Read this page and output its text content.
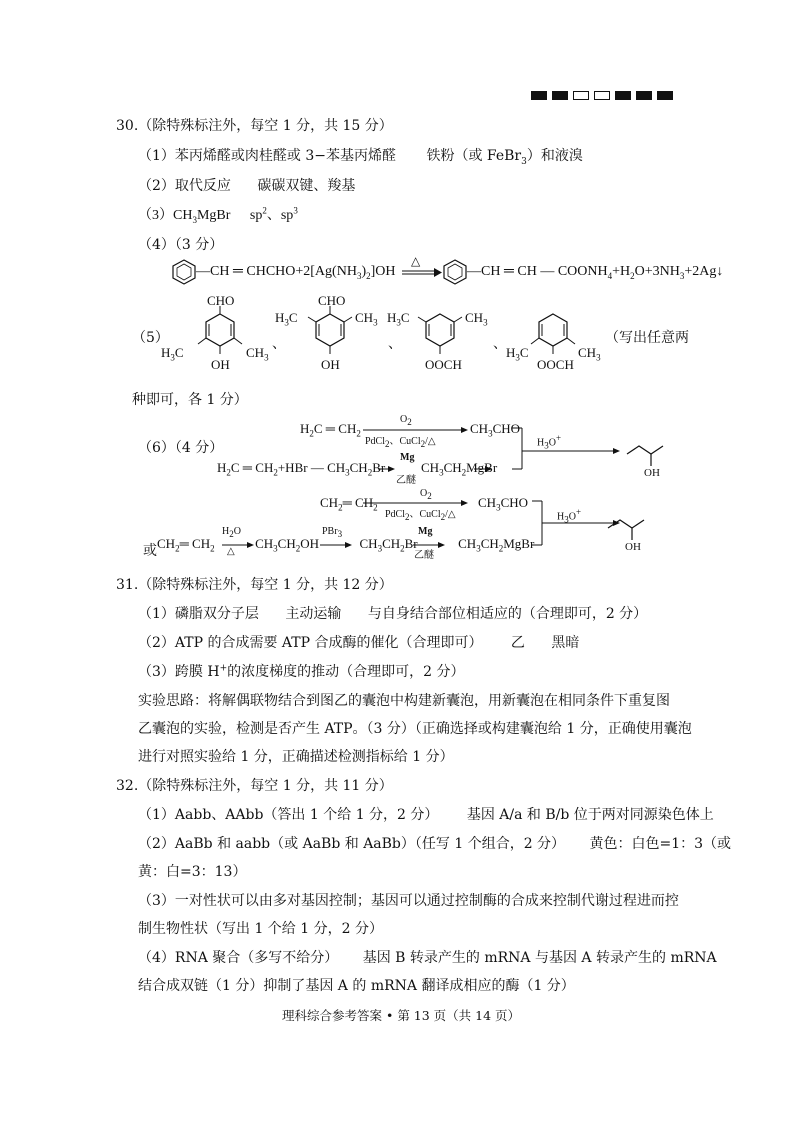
30.（除特殊标注外，每空 1 分，共 15 分）
（1）苯丙烯醛或肉桂醛或 3−苯基丙烯醛 铁粉（或 FeBr$_3$）和液溴
（2）取代反应 碳碳双键、羧基
$(3)CH_3MgBr$ $sp^2$、$sp^3$
（4）（3 分）
—CH ═ $CHCHO+2[Ag(NH_3)_2]OH$
△
—CH ═ CH — $COONH_4+H_2O+3NH_3+2Ag↓$
（5）
CHO
$H_3C$	$CH_3$
OH
、
CHO
$H_3C$	$CH_3$
OH
、
$H_3C$	$CH_3$
OOCH
、
$H_3C$	$CH_3$
OOCH
（写出任意两
种即可，各 1 分）
（6）（4 分）
$H_2C$ ═ $CH_2$
$O_2$
PdCl$_2$、CuCl$_2$/△
$CH_3CHO$
$H_3O^+$
$H_2C$ ═ $CH_2+HBr$ — $CH_3CH_2Br$
Mg
乙醚
$CH_3CH_2MgBr$	OH
$CH_2═$ $CH_2$
$O_2$
PdCl$_2$、CuCl$_2$/△
$CH_3CHO$
$H_3O^+$
或 $CH_2═$ $CH_2$	$CH_3CH_2OH$	$CH_3CH_2Br$	$CH_3CH_2MgBr$
$H_2O$
△
PBr$_3$	Mg
乙醚
OH
31.（除特殊标注外，每空 1 分，共 12 分）
（1）磷脂双分子层 主动运输 与自身结合部位相适应的（合理即可，2 分）
（2）ATP 的合成需要 ATP 合成酶的催化（合理即可） 乙 黑暗
（3）跨膜 H+的浓度梯度的推动（合理即可，2 分）
实验思路：将解偶联物结合到图乙的囊泡中构建新囊泡，用新囊泡在相同条件下重复图
乙囊泡的实验，检测是否产生 ATP。（3 分）（正确选择或构建囊泡给 1 分，正确使用囊泡
进行对照实验给 1 分，正确描述检测指标给 1 分）
32.（除特殊标注外，每空 1 分，共 11 分）
（1）Aabb、AAbb（答出 1 个给 1 分，2 分） 基因 A/a 和 B/b 位于两对同源染色体上
（2）AaBb 和 aabb（或 AaBb 和 AaBb）（任写 1 个组合，2 分） 黄色：白色=1：3（或
黄：白=3：13）
（3）一对性状可以由多对基因控制；基因可以通过控制酶的合成来控制代谢过程进而控
制生物性状（写出 1 个给 1 分，2 分）
（4）RNA 聚合（多写不给分） 基因 B 转录产生的 mRNA 与基因 A 转录产生的 mRNA
结合成双链（1 分）抑制了基因 A 的 mRNA 翻译成相应的酶（1 分）
理科综合参考答案 • 第 13 页（共 14 页）
